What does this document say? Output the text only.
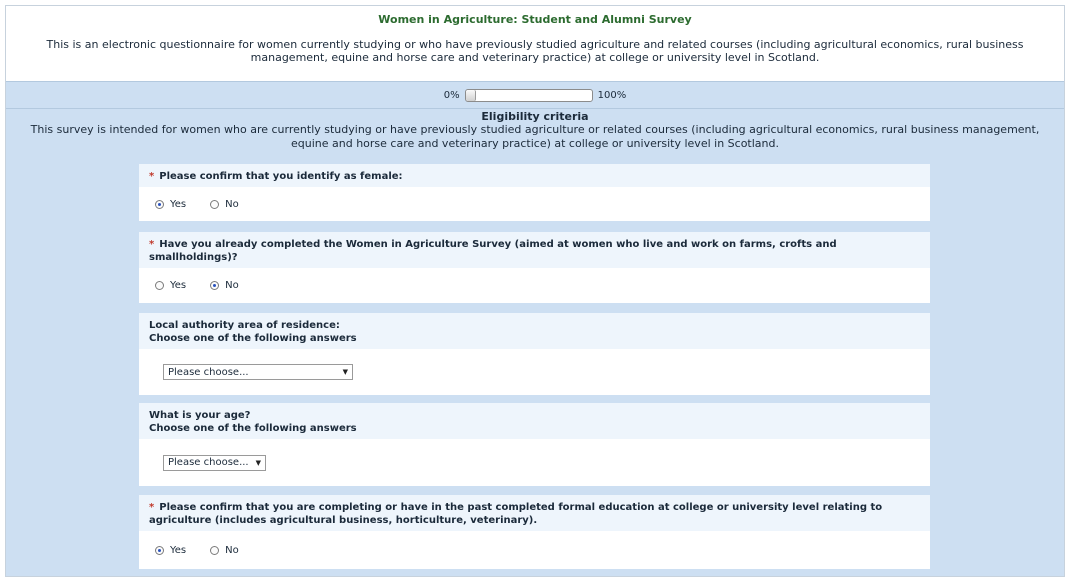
Women in Agriculture: Student and Alumni Survey
This is an electronic questionnaire for women currently studying or who have previously studied agriculture and related courses (including agricultural economics, rural business management, equine and horse care and veterinary practice) at college or university level in Scotland.
0%	100%
Eligibility criteria
This survey is intended for women who are currently studying or have previously studied agriculture or related courses (including agricultural economics, rural business management, equine and horse care and veterinary practice) at college or university level in Scotland.
* Please confirm that you identify as female:
Yes	No
* Have you already completed the Women in Agriculture Survey (aimed at women who live and work on farms, crofts and smallholdings)?
Yes	No
Local authority area of residence:
Choose one of the following answers
Please choose...	▼
What is your age?
Choose one of the following answers
Please choose... ▼
* Please confirm that you are completing or have in the past completed formal education at college or university level relating to agriculture (includes agricultural business, horticulture, veterinary).
Yes	No
